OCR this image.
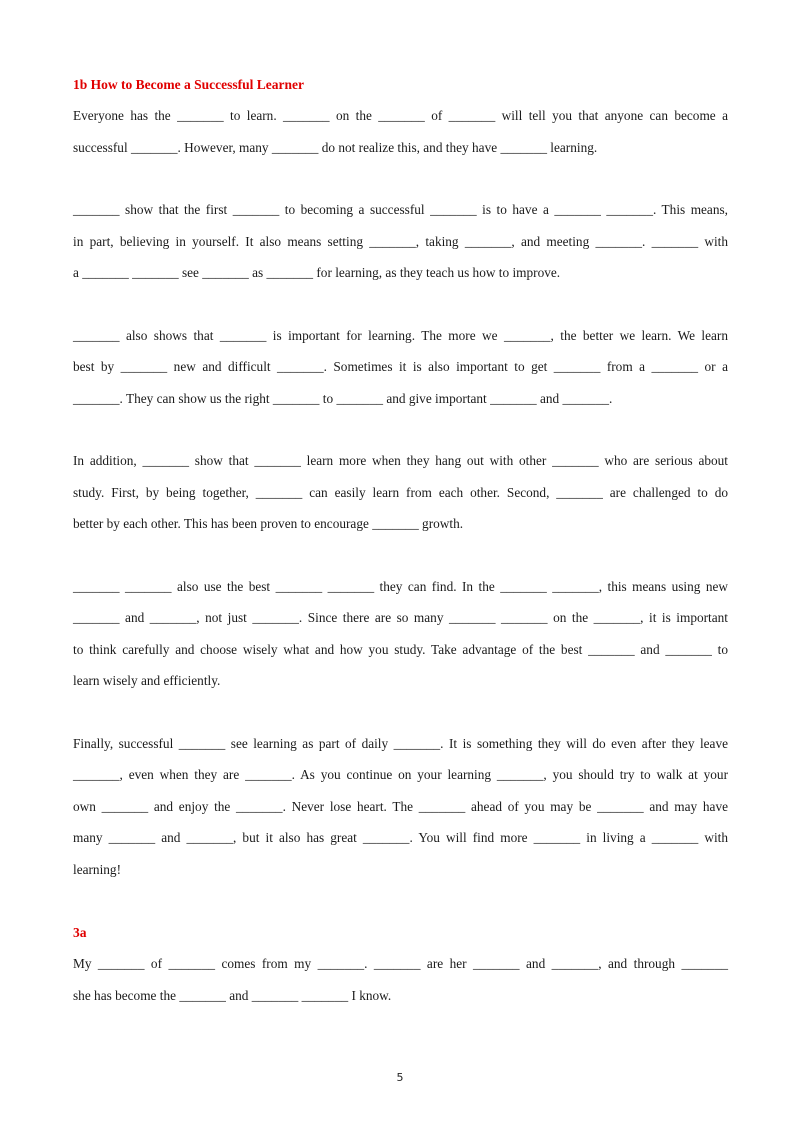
1b How to Become a Successful Learner
Everyone has the _______ to learn. _______ on the _______ of _______ will tell you that anyone can become a
successful _______. However, many _______ do not realize this, and they have _______ learning.
_______ show that the first _______ to becoming a successful _______ is to have a _______ _______. This means,
in part, believing in yourself. It also means setting _______, taking _______, and meeting _______. _______ with
a _______ _______ see _______ as _______ for learning, as they teach us how to improve.
_______ also shows that _______ is important for learning. The more we _______, the better we learn. We learn
best by _______ new and difficult _______. Sometimes it is also important to get _______ from a _______ or a
_______. They can show us the right _______ to _______ and give important _______ and _______.
In addition, _______ show that _______ learn more when they hang out with other _______ who are serious about
study. First, by being together, _______ can easily learn from each other. Second, _______ are challenged to do
better by each other. This has been proven to encourage _______ growth.
_______ _______ also use the best _______ _______ they can find. In the _______ _______, this means using new
_______ and _______, not just _______. Since there are so many _______ _______ on the _______, it is important
to think carefully and choose wisely what and how you study. Take advantage of the best _______ and _______ to
learn wisely and efficiently.
Finally, successful _______ see learning as part of daily _______. It is something they will do even after they leave
_______, even when they are _______. As you continue on your learning _______, you should try to walk at your
own _______ and enjoy the _______. Never lose heart. The _______ ahead of you may be _______ and may have
many _______ and _______, but it also has great _______. You will find more _______ in living a _______ with
learning!
3a
My _______ of _______ comes from my _______. _______ are her _______ and _______, and through _______
she has become the _______ and _______ _______ I know.
5
